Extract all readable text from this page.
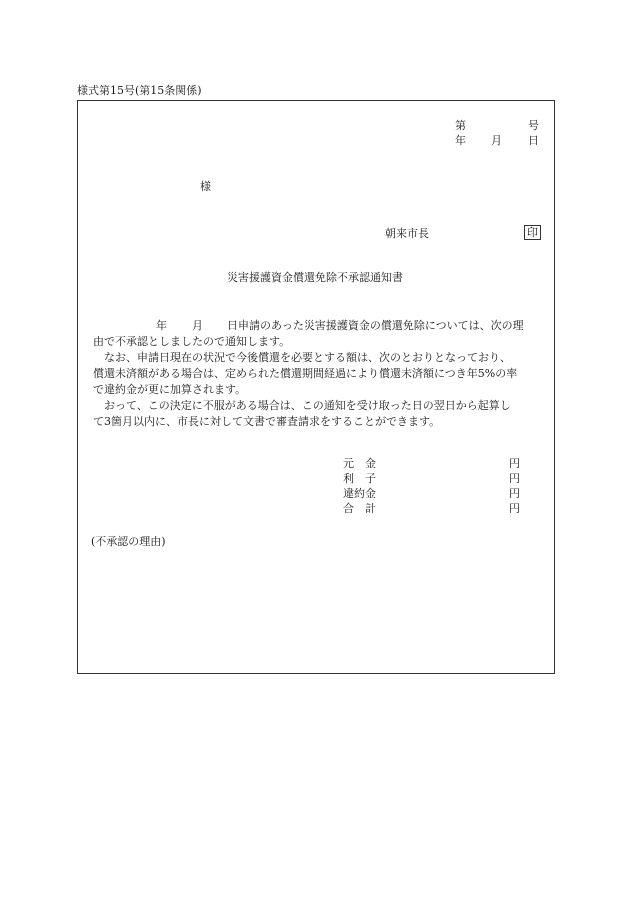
様式第15号(第15条関係)
第	号
年 月 日
様
朝来市長	印
災害援護資金償還免除不承認通知書
年 月 日申請のあった災害援護資金の償還免除については、次の理
由で不承認としましたので通知します。
　なお、申請日現在の状況で今後償還を必要とする額は、次のとおりとなっており、
償還未済額がある場合は、定められた償還期間経過により償還未済額につき年5%の率
で違約金が更に加算されます。
　おって、この決定に不服がある場合は、この通知を受け取った日の翌日から起算し
て3箇月以内に、市長に対して文書で審査請求をすることができます。
元　金	円
利　子	円
違約金	円
合　計	円
(不承認の理由)
